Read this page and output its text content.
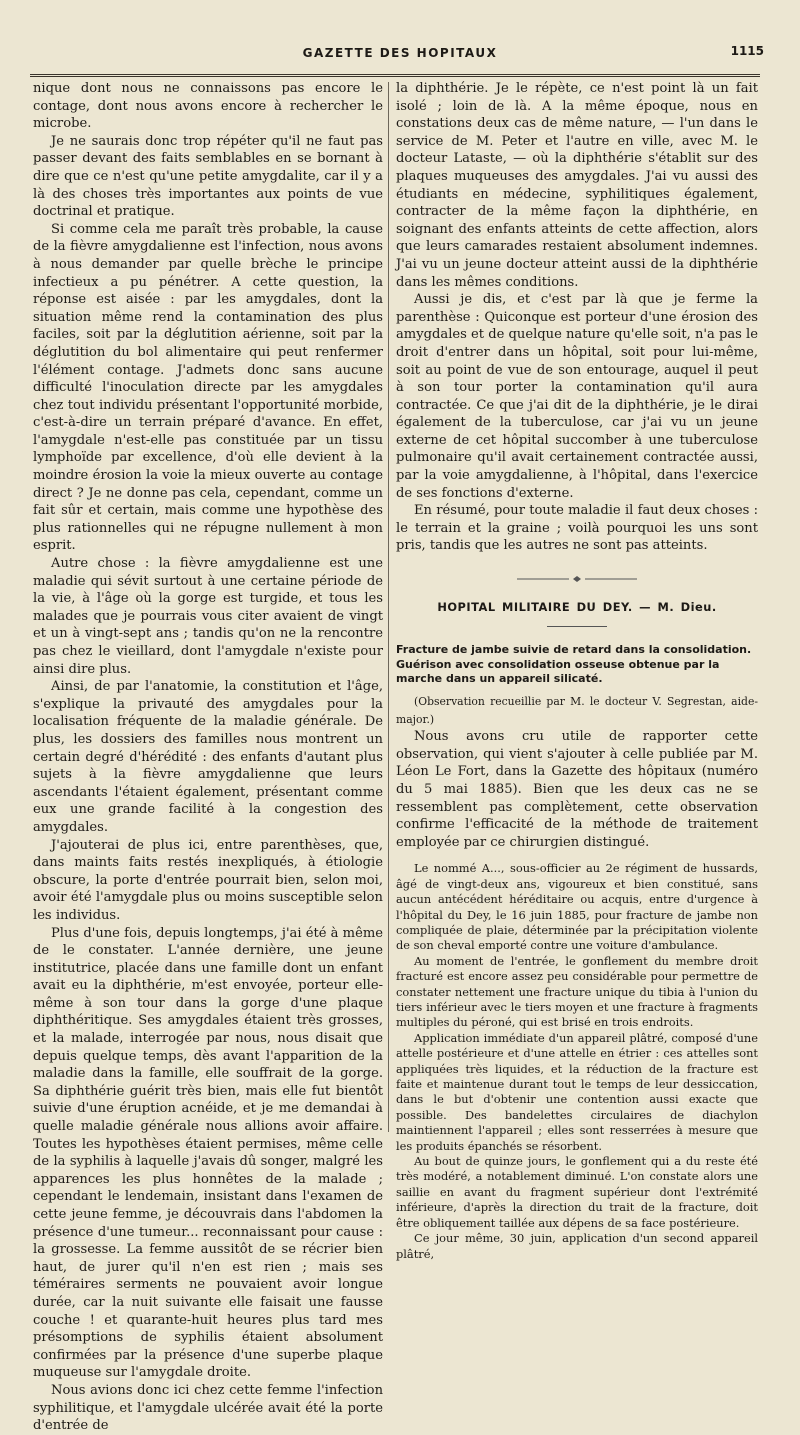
GAZETTE DES HOPITAUX	1115

nique dont nous ne connaissons pas encore le contage, dont nous avons encore à rechercher le microbe.

Je ne saurais donc trop répéter qu'il ne faut pas passer devant des faits semblables en se bornant à dire que ce n'est qu'une petite amygdalite, car il y a là des choses très importantes aux points de vue doctrinal et pratique.

Si comme cela me paraît très probable, la cause de la fièvre amygdalienne est l'infection, nous avons à nous demander par quelle brèche le principe infectieux a pu pénétrer. A cette question, la réponse est aisée : par les amygdales, dont la situation même rend la contamination des plus faciles, soit par la déglutition aérienne, soit par la déglutition du bol alimentaire qui peut renfermer l'élément contage. J'admets donc sans aucune difficulté l'inoculation directe par les amygdales chez tout individu présentant l'opportunité morbide, c'est-à-dire un terrain préparé d'avance. En effet, l'amygdale n'est-elle pas constituée par un tissu lymphoïde par excellence, d'où elle devient à la moindre érosion la voie la mieux ouverte au contage direct ? Je ne donne pas cela, cependant, comme un fait sûr et certain, mais comme une hypothèse des plus rationnelles qui ne répugne nullement à mon esprit.

Autre chose : la fièvre amygdalienne est une maladie qui sévit surtout à une certaine période de la vie, à l'âge où la gorge est turgide, et tous les malades que je pourrais vous citer avaient de vingt et un à vingt-sept ans ; tandis qu'on ne la rencontre pas chez le vieillard, dont l'amygdale n'existe pour ainsi dire plus.

Ainsi, de par l'anatomie, la constitution et l'âge, s'explique la privauté des amygdales pour la localisation fréquente de la maladie générale. De plus, les dossiers des familles nous montrent un certain degré d'hérédité : des enfants d'autant plus sujets à la fièvre amygdalienne que leurs ascendants l'étaient également, présentant comme eux une grande facilité à la congestion des amygdales.

J'ajouterai de plus ici, entre parenthèses, que, dans maints faits restés inexpliqués, à étiologie obscure, la porte d'entrée pourrait bien, selon moi, avoir été l'amygdale plus ou moins susceptible selon les individus.

Plus d'une fois, depuis longtemps, j'ai été à même de le constater. L'année dernière, une jeune institutrice, placée dans une famille dont un enfant avait eu la diphthérie, m'est envoyée, porteur elle-même à son tour dans la gorge d'une plaque diphthéritique. Ses amygdales étaient très grosses, et la malade, interrogée par nous, nous disait que depuis quelque temps, dès avant l'apparition de la maladie dans la famille, elle souffrait de la gorge. Sa diphthérie guérit très bien, mais elle fut bientôt suivie d'une éruption acnéide, et je me demandai à quelle maladie générale nous allions avoir affaire. Toutes les hypothèses étaient permises, même celle de la syphilis à laquelle j'avais dû songer, malgré les apparences les plus honnêtes de la malade ; cependant le lendemain, insistant dans l'examen de cette jeune femme, je découvrais dans l'abdomen la présence d'une tumeur... reconnaissant pour cause : la grossesse. La femme aussitôt de se récrier bien haut, de jurer qu'il n'en est rien ; mais ses téméraires serments ne pouvaient avoir longue durée, car la nuit suivante elle faisait une fausse couche ! et quarante-huit heures plus tard mes présomptions de syphilis étaient absolument confirmées par la présence d'une superbe plaque muqueuse sur l'amygdale droite.

Nous avions donc ici chez cette femme l'infection syphilitique, et l'amygdale ulcérée avait été la porte d'entrée de

la diphthérie. Je le répète, ce n'est point là un fait isolé ; loin de là. A la même époque, nous en constations deux cas de même nature, — l'un dans le service de M. Peter et l'autre en ville, avec M. le docteur Lataste, — où la diphthérie s'établit sur des plaques muqueuses des amygdales. J'ai vu aussi des étudiants en médecine, syphilitiques également, contracter de la même façon la diphthérie, en soignant des enfants atteints de cette affection, alors que leurs camarades restaient absolument indemnes. J'ai vu un jeune docteur atteint aussi de la diphthérie dans les mêmes conditions.

Aussi je dis, et c'est par là que je ferme la parenthèse : Quiconque est porteur d'une érosion des amygdales et de quelque nature qu'elle soit, n'a pas le droit d'entrer dans un hôpital, soit pour lui-même, soit au point de vue de son entourage, auquel il peut à son tour porter la contamination qu'il aura contractée. Ce que j'ai dit de la diphthérie, je le dirai également de la tuberculose, car j'ai vu un jeune externe de cet hôpital succomber à une tuberculose pulmonaire qu'il avait certainement contractée aussi, par la voie amygdalienne, à l'hôpital, dans l'exercice de ses fonctions d'externe.

En résumé, pour toute maladie il faut deux choses : le terrain et la graine ; voilà pourquoi les uns sont pris, tandis que les autres ne sont pas atteints.

HOPITAL MILITAIRE DU DEY. — M. Dieu.
Fracture de jambe suivie de retard dans la consolidation. Guérison avec consolidation osseuse obtenue par la marche dans un appareil silicaté.

(Observation recueillie par M. le docteur V. Segrestan, aide-major.)

Nous avons cru utile de rapporter cette observation, qui vient s'ajouter à celle publiée par M. Léon Le Fort, dans la Gazette des hôpitaux (numéro du 5 mai 1885). Bien que les deux cas ne se ressemblent pas complètement, cette observation confirme l'efficacité de la méthode de traitement employée par ce chirurgien distingué.

Le nommé A..., sous-officier au 2e régiment de hussards, âgé de vingt-deux ans, vigoureux et bien constitué, sans aucun antécédent héréditaire ou acquis, entre d'urgence à l'hôpital du Dey, le 16 juin 1885, pour fracture de jambe non compliquée de plaie, déterminée par la précipitation violente de son cheval emporté contre une voiture d'ambulance.

Au moment de l'entrée, le gonflement du membre droit fracturé est encore assez peu considérable pour permettre de constater nettement une fracture unique du tibia à l'union du tiers inférieur avec le tiers moyen et une fracture à fragments multiples du péroné, qui est brisé en trois endroits.

Application immédiate d'un appareil plâtré, composé d'une attelle postérieure et d'une attelle en étrier : ces attelles sont appliquées très liquides, et la réduction de la fracture est faite et maintenue durant tout le temps de leur dessiccation, dans le but d'obtenir une contention aussi exacte que possible. Des bandelettes circulaires de diachylon maintiennent l'appareil ; elles sont resserrées à mesure que les produits épanchés se résorbent.

Au bout de quinze jours, le gonflement qui a du reste été très modéré, a notablement diminué. L'on constate alors une saillie en avant du fragment supérieur dont l'extrémité inférieure, d'après la direction du trait de la fracture, doit être obliquement taillée aux dépens de sa face postérieure.

Ce jour même, 30 juin, application d'un second appareil plâtré,
